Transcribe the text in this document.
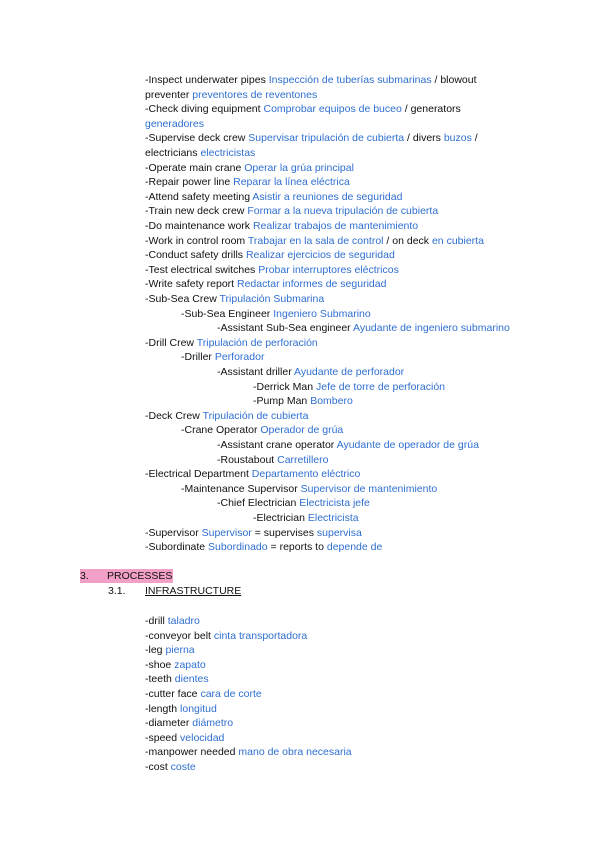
-Inspect underwater pipes Inspección de tuberías submarinas / blowout
preventer preventores de reventones
-Check diving equipment Comprobar equipos de buceo / generators
generadores
-Supervise deck crew Supervisar tripulación de cubierta / divers buzos /
electricians electricistas
-Operate main crane Operar la grúa principal
-Repair power line Reparar la línea eléctrica
-Attend safety meeting Asistir a reuniones de seguridad
-Train new deck crew Formar a la nueva tripulación de cubierta
-Do maintenance work Realizar trabajos de mantenimiento
-Work in control room Trabajar en la sala de control / on deck en cubierta
-Conduct safety drills Realizar ejercicios de seguridad
-Test electrical switches Probar interruptores eléctricos
-Write safety report Redactar informes de seguridad
-Sub-Sea Crew Tripulación Submarina
-Sub-Sea Engineer Ingeniero Submarino
-Assistant Sub-Sea engineer Ayudante de ingeniero submarino
-Drill Crew Tripulación de perforación
-Driller Perforador
-Assistant driller Ayudante de perforador
-Derrick Man Jefe de torre de perforación
-Pump Man Bombero
-Deck Crew Tripulación de cubierta
-Crane Operator Operador de grúa
-Assistant crane operator Ayudante de operador de grúa
-Roustabout Carretillero
-Electrical Department Departamento eléctrico
-Maintenance Supervisor Supervisor de mantenimiento
-Chief Electrician Electricista jefe
-Electrician Electricista
-Supervisor Supervisor = supervises supervisa
-Subordinate Subordinado = reports to depende de
3. PROCESSES
3.1. INFRASTRUCTURE
-drill taladro
-conveyor belt cinta transportadora
-leg pierna
-shoe zapato
-teeth dientes
-cutter face cara de corte
-length longitud
-diameter diámetro
-speed velocidad
-manpower needed mano de obra necesaria
-cost coste
